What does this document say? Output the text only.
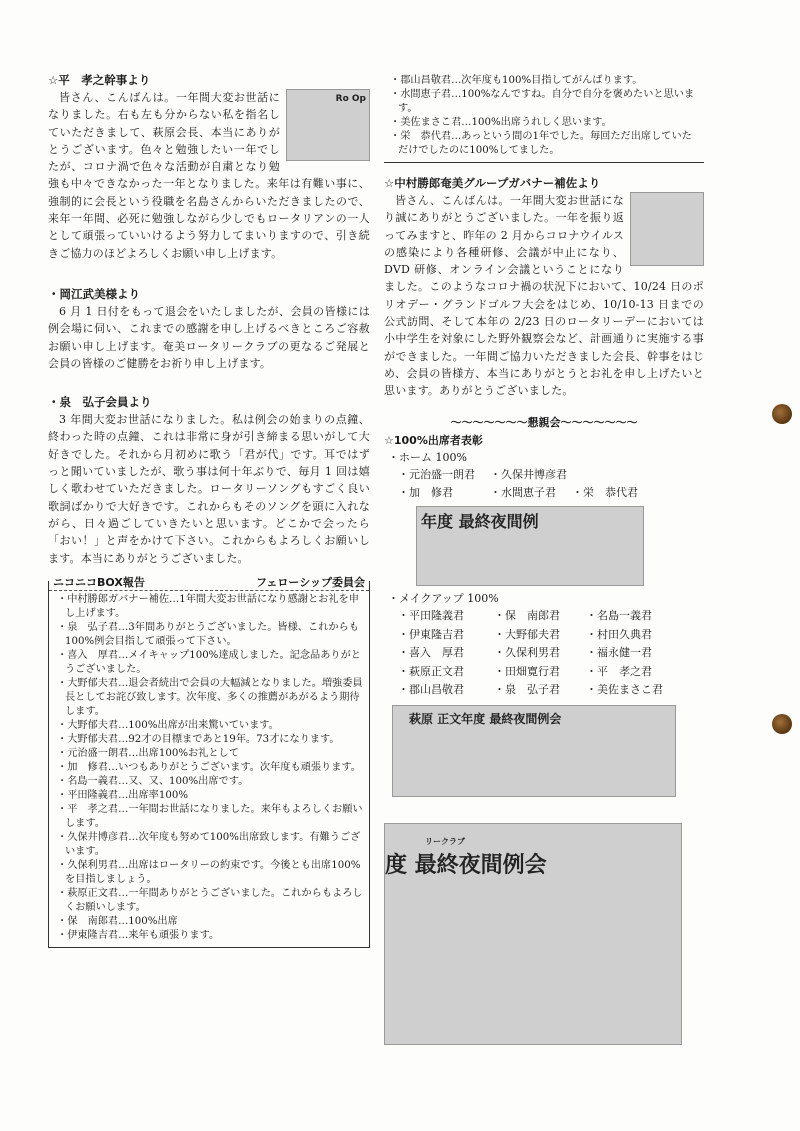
☆平　孝之幹事より
Ro Op

皆さん、こんばんは。一年間大変お世話になりました。右も左も分からない私を指名していただきまして、萩原会長、本当にありがとうございます。色々と勉強したい一年でしたが、コロナ渦で色々な活動が自粛となり勉強も中々できなかった一年となりました。来年は有難い事に、強制的に会長という役職を名島さんからいただきましたので、来年一年間、必死に勉強しながら少しでもロータリアンの一人として頑張っていいけるよう努力してまいりますので、引き続きご協力のほどよろしくお願い申し上げます。

・岡江武美様より

6 月 1 日付をもって退会をいたしましたが、会員の皆様には例会場に伺い、これまでの感謝を申し上げるべきところご容赦お願い申し上げます。奄美ロータリークラブの更なるご発展と会員の皆様のご健勝をお祈り申し上げます。

・泉　弘子会員より

3 年間大変お世話になりました。私は例会の始まりの点鐘、終わった時の点鐘、これは非常に身が引き締まる思いがして大好きでした。それから月初めに歌う「君が代」です。耳ではずっと聞いていましたが、歌う事は何十年ぶりで、毎月 1 回は嬉しく歌わせていただきました。ロータリーソングもすごく良い歌詞ばかりで大好きです。これからもそのソングを頭に入れながら、日々過ごしていきたいと思います。どこかで会ったら「おい！」と声をかけて下さい。これからもよろしくお願いします。本当にありがとうございました。

ニコニコBOX報告	フェローシップ委員会
・ 中村勝郎ガバナー補佐…1年間大変お世話になり感謝とお礼を申し上げます。
・ 泉　弘子君…3年間ありがとうございました。皆様、これからも100%例会目指して頑張って下さい。
・ 喜入　厚君…メイキャップ100%達成しました。記念品ありがとうございました。
・ 大野郁夫君…退会者続出で会員の大幅減となりました。増強委員長としてお詫び致します。次年度、多くの推薦があがるよう期待します。
・ 大野郁夫君…100%出席が出来驚いています。
・ 大野郁夫君…92才の目標まであと19年。73才になります。
・ 元治盛一朗君…出席100%お礼として
・ 加　修君…いつもありがとうございます。次年度も頑張ります。
・ 名島一義君…又、又、100%出席です。
・ 平田隆義君…出席率100%
・ 平　孝之君…一年間お世話になりました。来年もよろしくお願いします。
・ 久保井博彦君…次年度も努めて100%出席致します。有難うございます。
・ 久保利男君…出席はロータリーの約束です。今後とも出席100%を目指しましょう。
・ 萩原正文君…一年間ありがとうございました。これからもよろしくお願いします。
・ 保　南郎君…100%出席
・ 伊東隆吉君…来年も頑張ります。
・ 郡山昌敬君…次年度も100%目指してがんばります。
・ 水間恵子君…100%なんですね。自分で自分を褒めたいと思います。
・ 美佐まさこ君…100%出席うれしく思います。
・ 栄　恭代君…あっという間の1年でした。毎回ただ出席していただけでしたのに100%してました。
☆中村勝郎奄美グループガバナー補佐より

皆さん、こんばんは。一年間大変お世話になり誠にありがとうございました。一年を振り返ってみますと、昨年の 2 月からコロナウイルスの感染により各種研修、会議が中止になり、DVD 研修、オンライン会議ということになりました。このようなコロナ禍の状況下において、10/24 日のポリオデー・グランドゴルフ大会をはじめ、10/10-13 日までの公式訪問、そして本年の 2/23 日のロータリーデーにおいては小中学生を対象にした野外観察会など、計画通りに実施する事ができました。一年間ご協力いただきました会長、幹事をはじめ、会員の皆様方、本当にありがとうとお礼を申し上げたいと思います。ありがとうございました。

～～～～～～～懇親会～～～～～～～
☆100%出席者表彰
・ホーム 100%
・ 元治盛一朗君	・ 久保井博彦君
・ 加　修君	・ 水間恵子君	・ 栄　恭代君
年度 最終夜間例
・メイクアップ 100%
・ 平田隆義君	・ 保　南郎君	・ 名島一義君
・ 伊東隆吉君	・ 大野郁夫君	・ 村田久典君
・ 喜入　厚君	・ 久保利男君	・ 福永健一君
・ 萩原正文君	・ 田畑寛行君	・ 平　孝之君
・ 郡山昌敬君	・ 泉　弘子君	・ 美佐まさこ君
萩原 正文年度 最終夜間例会
リークラブ
度 最終夜間例会
